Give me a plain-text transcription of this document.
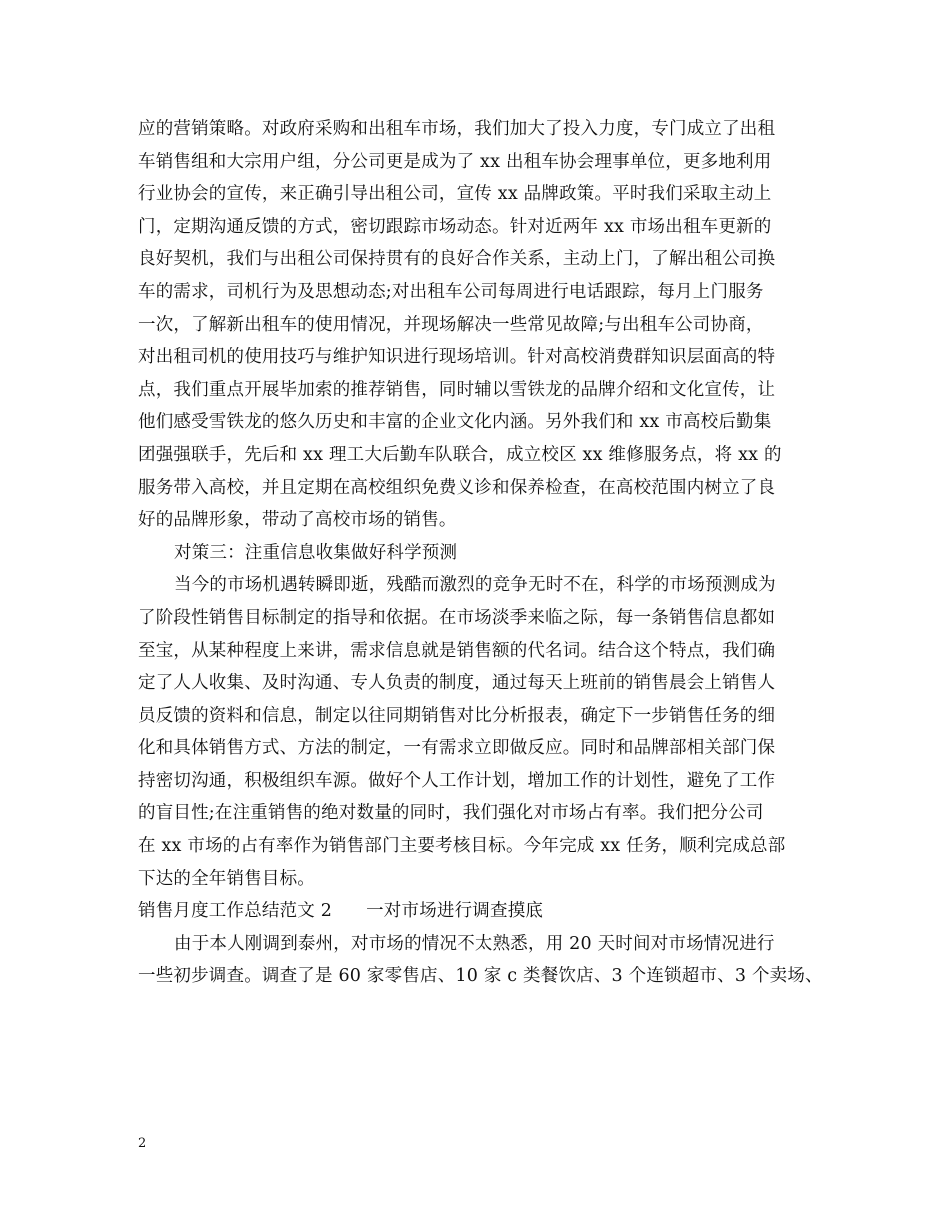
应的营销策略。对政府采购和出租车市场，我们加大了投入力度，专门成立了出租
车销售组和大宗用户组，分公司更是成为了 xx 出租车协会理事单位，更多地利用
行业协会的宣传，来正确引导出租公司，宣传 xx 品牌政策。平时我们采取主动上
门，定期沟通反馈的方式，密切跟踪市场动态。针对近两年 xx 市场出租车更新的
良好契机，我们与出租公司保持贯有的良好合作关系，主动上门，了解出租公司换
车的需求，司机行为及思想动态;对出租车公司每周进行电话跟踪，每月上门服务
一次，了解新出租车的使用情况，并现场解决一些常见故障;与出租车公司协商，
对出租司机的使用技巧与维护知识进行现场培训。针对高校消费群知识层面高的特
点，我们重点开展毕加索的推荐销售，同时辅以雪铁龙的品牌介绍和文化宣传，让
他们感受雪铁龙的悠久历史和丰富的企业文化内涵。另外我们和 xx 市高校后勤集
团强强联手，先后和 xx 理工大后勤车队联合，成立校区 xx 维修服务点，将 xx 的
服务带入高校，并且定期在高校组织免费义诊和保养检查，在高校范围内树立了良
好的品牌形象，带动了高校市场的销售。
对策三：注重信息收集做好科学预测
当今的市场机遇转瞬即逝，残酷而激烈的竞争无时不在，科学的市场预测成为
了阶段性销售目标制定的指导和依据。在市场淡季来临之际，每一条销售信息都如
至宝，从某种程度上来讲，需求信息就是销售额的代名词。结合这个特点，我们确
定了人人收集、及时沟通、专人负责的制度，通过每天上班前的销售晨会上销售人
员反馈的资料和信息，制定以往同期销售对比分析报表，确定下一步销售任务的细
化和具体销售方式、方法的制定，一有需求立即做反应。同时和品牌部相关部门保
持密切沟通，积极组织车源。做好个人工作计划，增加工作的计划性，避免了工作
的盲目性;在注重销售的绝对数量的同时，我们强化对市场占有率。我们把分公司
在 xx 市场的占有率作为销售部门主要考核目标。今年完成 xx 任务，顺利完成总部
下达的全年销售目标。
销售月度工作总结范文 2 一对市场进行调查摸底
由于本人刚调到泰州，对市场的情况不太熟悉，用 20 天时间对市场情况进行
一些初步调查。调查了是 60 家零售店、10 家 c 类餐饮店、3 个连锁超市、3 个卖场、
2
